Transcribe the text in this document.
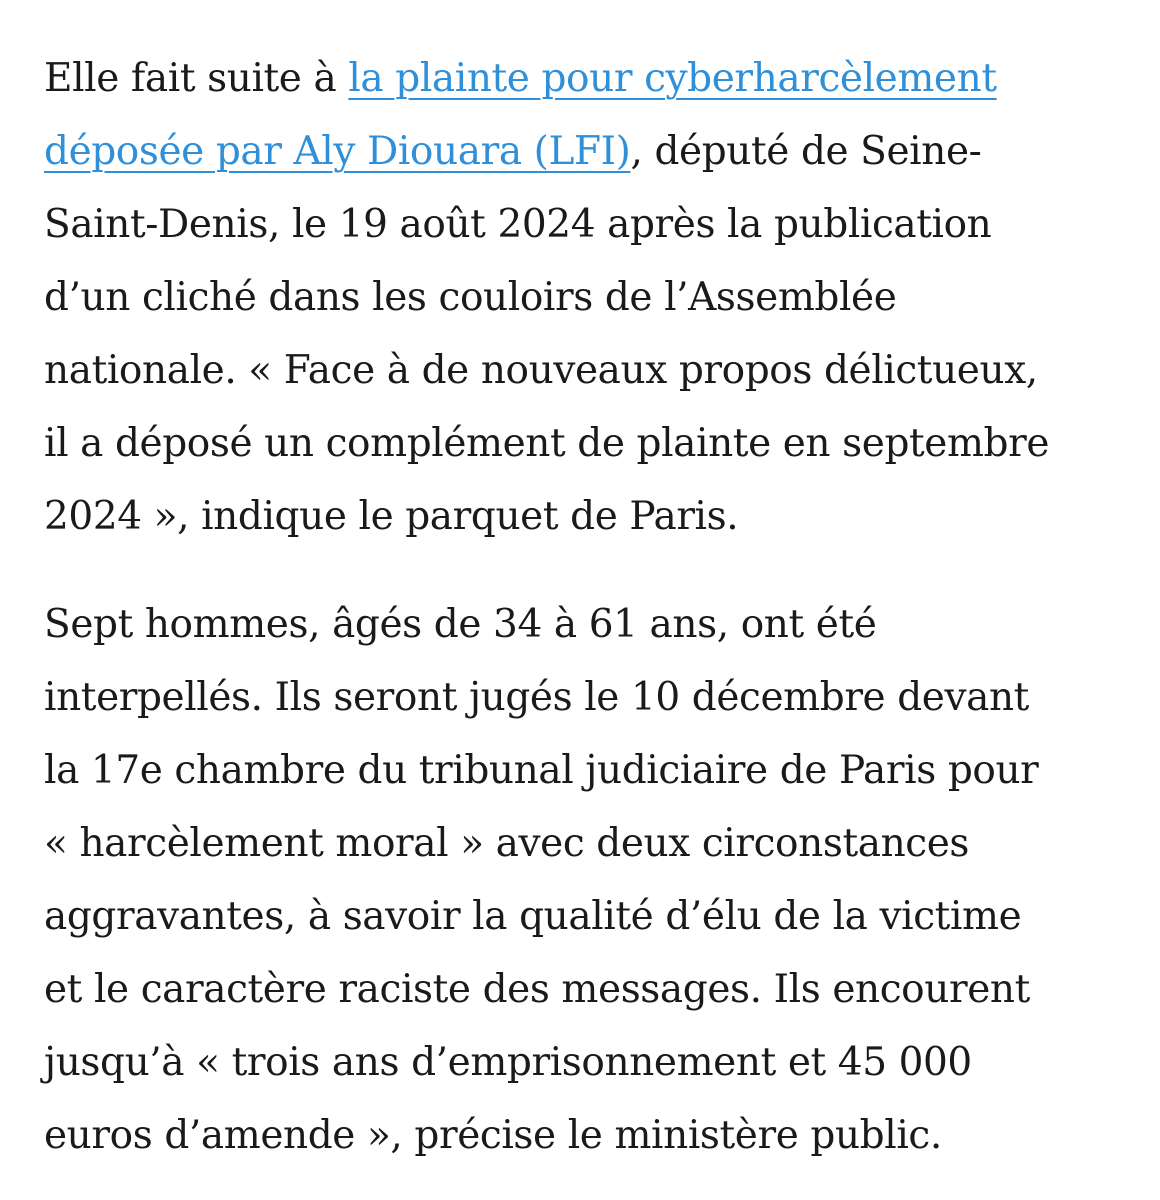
Elle fait suite à la plainte pour cyberharcèlement
déposée par Aly Diouara (LFI), député de Seine-
Saint-Denis, le 19 août 2024 après la publication
d’un cliché dans les couloirs de l’Assemblée
nationale. « Face à de nouveaux propos délictueux,
il a déposé un complément de plainte en septembre
2024 », indique le parquet de Paris.

Sept hommes, âgés de 34 à 61 ans, ont été
interpellés. Ils seront jugés le 10 décembre devant
la 17e chambre du tribunal judiciaire de Paris pour
« harcèlement moral » avec deux circonstances
aggravantes, à savoir la qualité d’élu de la victime
et le caractère raciste des messages. Ils encourent
jusqu’à « trois ans d’emprisonnement et 45 000
euros d’amende », précise le ministère public.
